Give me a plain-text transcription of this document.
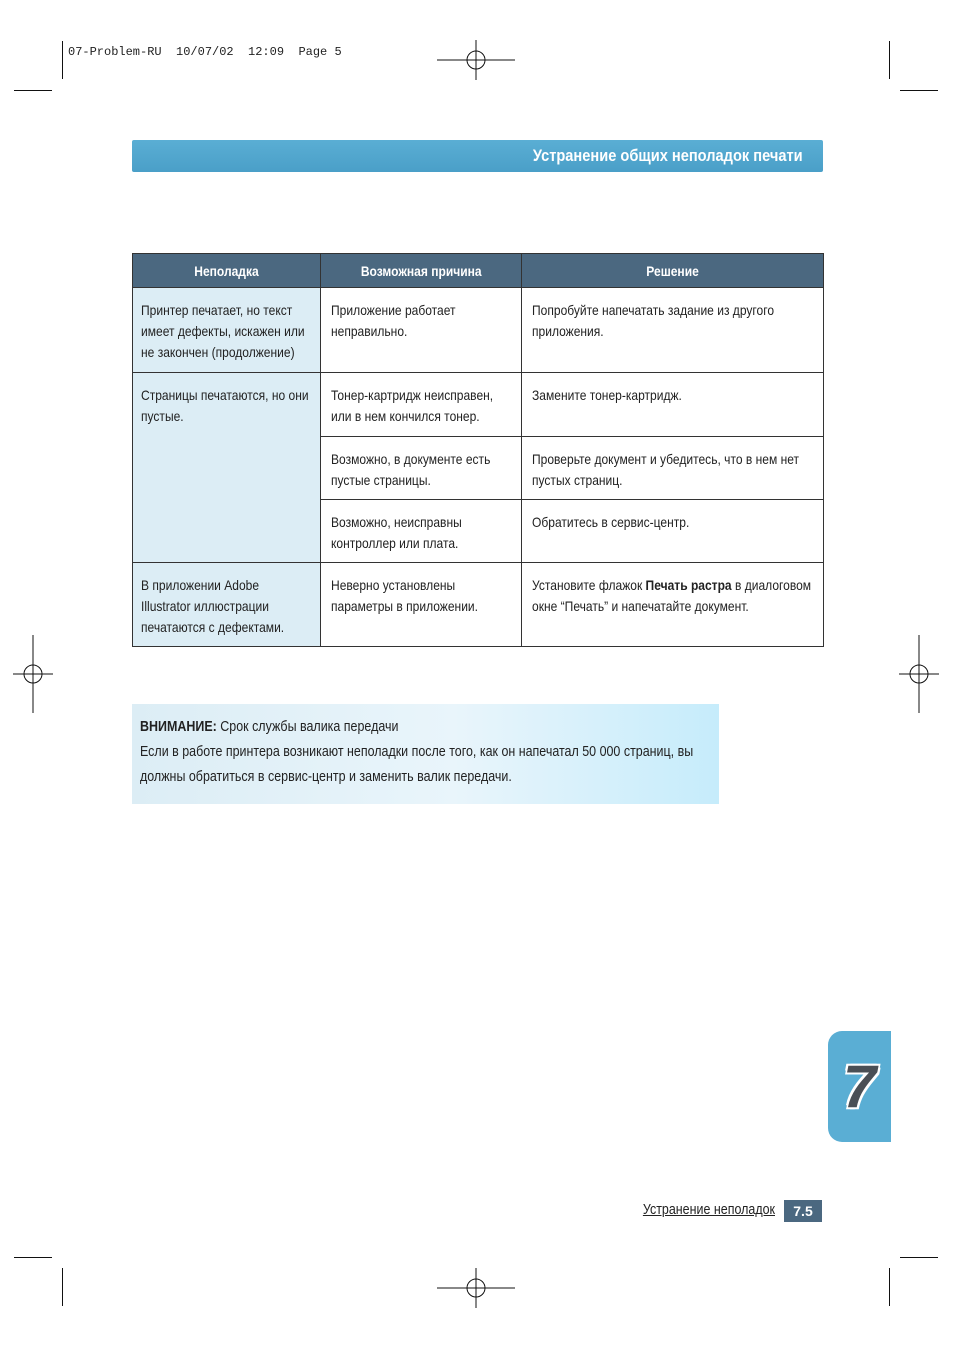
07-Problem-RU  10/07/02  12:09  Page 5
Устранение общих неполадок печати
Неполадка	Возможная причина	Решение
Принтер печатает, но текст имеет дефекты, искажен или не закончен (продолжение)	Приложение работает неправильно.	Попробуйте напечатать задание из другого приложения.
Страницы печатаются, но они пустые.	Тонер-картридж неисправен, или в нем кончился тонер.	Замените тонер-картридж.
	Возможно, в документе есть пустые страницы.	Проверьте документ и убедитесь, что в нем нет пустых страниц.
	Возможно, неисправны контроллер или плата.	Обратитесь в сервис-центр.
В приложении Adobe Illustrator иллюстрации печатаются с дефектами.	Неверно установлены параметры в приложении.	Установите флажок Печать растра в диалоговом окне “Печать” и напечатайте документ.
ВНИМАНИЕ: Срок службы валика передачи
Если в работе принтера возникают неполадки после того, как он напечатал 50 000 страниц, вы
должны обратиться в сервис-центр и заменить валик передачи.
7
Устранение неполадок	7.5
